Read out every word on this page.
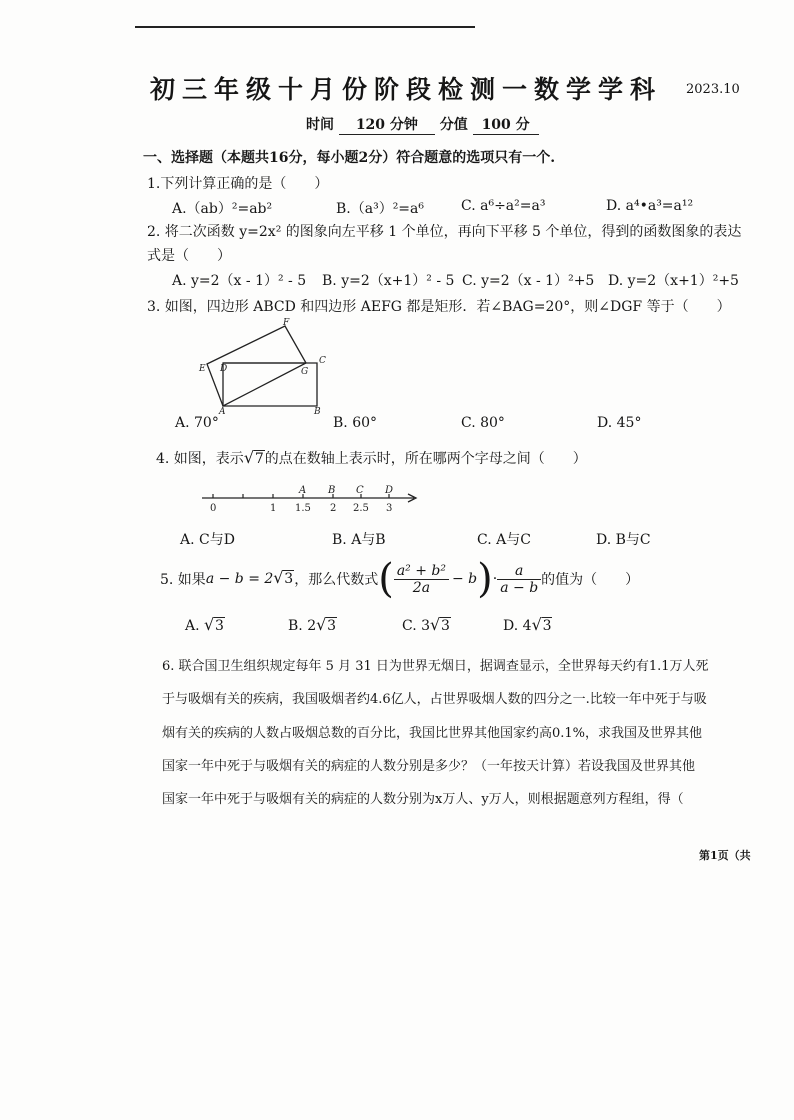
初三年级十月份阶段检测一数学学科 2023.10
时间 120 分钟 分值 100 分
一、选择题（本题共16分，每小题2分）符合题意的选项只有一个.
1.下列计算正确的是（　　）
A.（ab）²=ab²	B.（a³）²=a⁶	C. a⁶÷a²=a³	D. a⁴•a³=a¹²
2. 将二次函数 y=2x² 的图象向左平移 1 个单位，再向下平移 5 个单位，得到的函数图象的表达
式是（　　）
A. y=2（x - 1）² - 5 B. y=2（x+1）² - 5 C. y=2（x - 1）²+5 D. y=2（x+1）²+5
3. 如图，四边形 ABCD 和四边形 AEFG 都是矩形．若∠BAG=20°，则∠DGF 等于（　　）
F
C
E D	G
A	B
A. 70°	B. 60°	C. 80°	D. 45°
4. 如图，表示 √ 7的点在数轴上表示时，所在哪两个字母之间（　　）
A B C D
0	1 1.5 2 2.5 3
A. C与D	B. A与B	C. A与C	D. B与C
5. 如果 a − b = 2 √ 3 ，那么代数式 ( $\frac{\text{a² + b²}}{2a} - b$ ) · $\frac{a}{a - b}$ 的值为（　　）
A. √ 3	B. 2 √ 3	C. 3 √ 3	D. 4 √ 3
6. 联合国卫生组织规定每年 5 月 31 日为世界无烟日，据调查显示，全世界每天约有1.1万人死
于与吸烟有关的疾病，我国吸烟者约4.6亿人，占世界吸烟人数的四分之一.比较一年中死于与吸
烟有关的疾病的人数占吸烟总数的百分比，我国比世界其他国家约高0.1%，求我国及世界其他
国家一年中死于与吸烟有关的病症的人数分别是多少？（一年按天计算）若设我国及世界其他
国家一年中死于与吸烟有关的病症的人数分别为x万人、y万人，则根据题意列方程组，得（
第1页（共
